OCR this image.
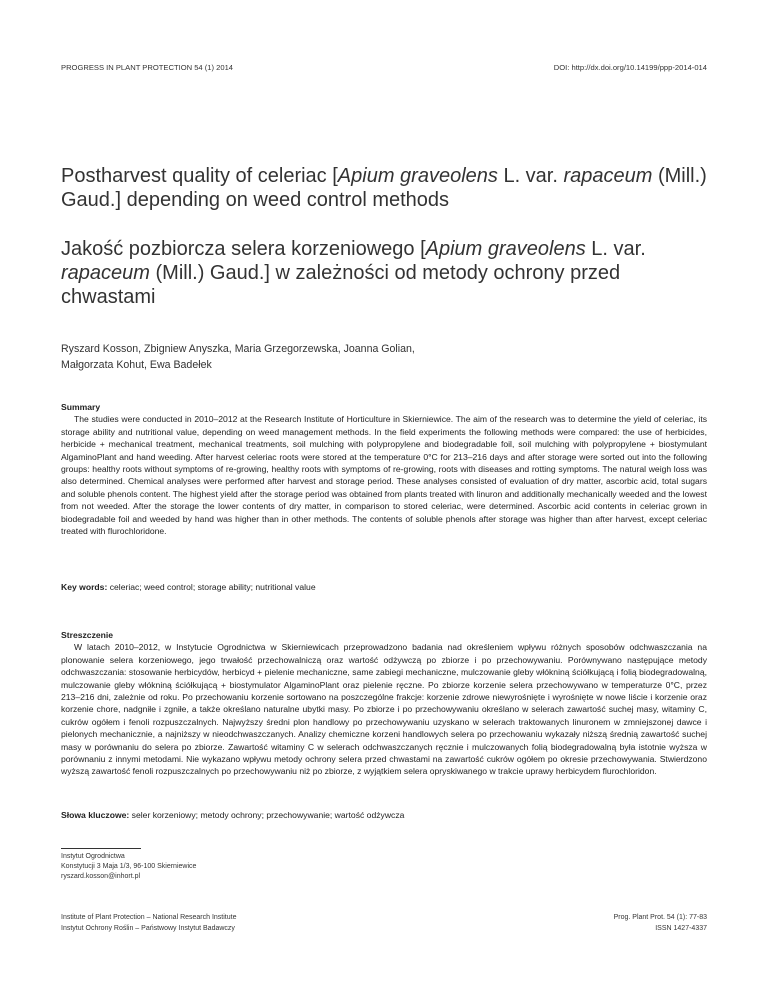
PROGRESS IN PLANT PROTECTION 54 (1) 2014	DOI: http://dx.doi.org/10.14199/ppp-2014-014
Postharvest quality of celeriac [Apium graveolens L. var. rapaceum (Mill.) Gaud.] depending on weed control methods
Jakość pozbiorcza selera korzeniowego [Apium graveolens L. var. rapaceum (Mill.) Gaud.] w zależności od metody ochrony przed chwastami
Ryszard Kosson, Zbigniew Anyszka, Maria Grzegorzewska, Joanna Golian,
Małgorzata Kohut, Ewa Badełek
Summary

The studies were conducted in 2010–2012 at the Research Institute of Horticulture in Skierniewice. The aim of the research was to determine the yield of celeriac, its storage ability and nutritional value, depending on weed management methods. In the field experiments the following methods were compared: the use of herbicides, herbicide + mechanical treatment, mechanical treatments, soil mulching with polypropylene and biodegradable foil, soil mulching with polypropylene + biostymulant AlgaminoPlant and hand weeding. After harvest celeriac roots were stored at the temperature 0°C for 213–216 days and after storage were sorted out into the following groups: healthy roots without symptoms of re-growing, healthy roots with symptoms of re-growing, roots with diseases and rotting symptoms. The natural weigh loss was also determined. Chemical analyses were performed after harvest and storage period. These analyses consisted of evaluation of dry matter, ascorbic acid, total sugars and soluble phenols content. The highest yield after the storage period was obtained from plants treated with linuron and additionally mechanically weeded and the lowest from not weeded. After the storage the lower contents of dry matter, in comparison to stored celeriac, were determined. Ascorbic acid contents in celeriac grown in biodegradable foil and weeded by hand was higher than in other methods. The contents of soluble phenols after storage was higher than after harvest, except celeriac treated with flurochloridone.

Key words: celeriac; weed control; storage ability; nutritional value
Streszczenie

W latach 2010–2012, w Instytucie Ogrodnictwa w Skierniewicach przeprowadzono badania nad określeniem wpływu różnych sposobów odchwaszczania na plonowanie selera korzeniowego, jego trwałość przechowalniczą oraz wartość odżywczą po zbiorze i po przechowywaniu. Porównywano następujące metody odchwaszczania: stosowanie herbicydów, herbicyd + pielenie mechaniczne, same zabiegi mechaniczne, mulczowanie gleby włókniną ściółkującą i folią biodegradowalną, mulczowanie gleby włókniną ściółkującą + biostymulator AlgaminoPlant oraz pielenie ręczne. Po zbiorze korzenie selera przechowywano w temperaturze 0°C, przez 213–216 dni, zależnie od roku. Po przechowaniu korzenie sortowano na poszczególne frakcje: korzenie zdrowe niewyrośnięte i wyrośnięte w nowe liście i korzenie oraz korzenie chore, nadgniłe i zgniłe, a także określano naturalne ubytki masy. Po zbiorze i po przechowywaniu określano w selerach zawartość suchej masy, witaminy C, cukrów ogółem i fenoli rozpuszczalnych. Najwyższy średni plon handlowy po przechowywaniu uzyskano w selerach traktowanych linuronem w zmniejszonej dawce i pielonych mechanicznie, a najniższy w nieodchwaszczanych. Analizy chemiczne korzeni handlowych selera po przechowaniu wykazały niższą średnią zawartość suchej masy w porównaniu do selera po zbiorze. Zawartość witaminy C w selerach odchwaszczanych ręcznie i mulczowanych folią biodegradowalną była istotnie wyższa w porównaniu z innymi metodami. Nie wykazano wpływu metody ochrony selera przed chwastami na zawartość cukrów ogółem po okresie przechowywania. Stwierdzono wyższą zawartość fenoli rozpuszczalnych po przechowywaniu niż po zbiorze, z wyjątkiem selera opryskiwanego w trakcie uprawy herbicydem flurochloridon.

Słowa kluczowe: seler korzeniowy; metody ochrony; przechowywanie; wartość odżywcza
Instytut Ogrodnictwa
Konstytucji 3 Maja 1/3, 96-100 Skierniewice
ryszard.kosson@inhort.pl
Institute of Plant Protection – National Research Institute
Instytut Ochrony Roślin – Państwowy Instytut Badawczy
Prog. Plant Prot. 54 (1): 77-83
ISSN 1427-4337
